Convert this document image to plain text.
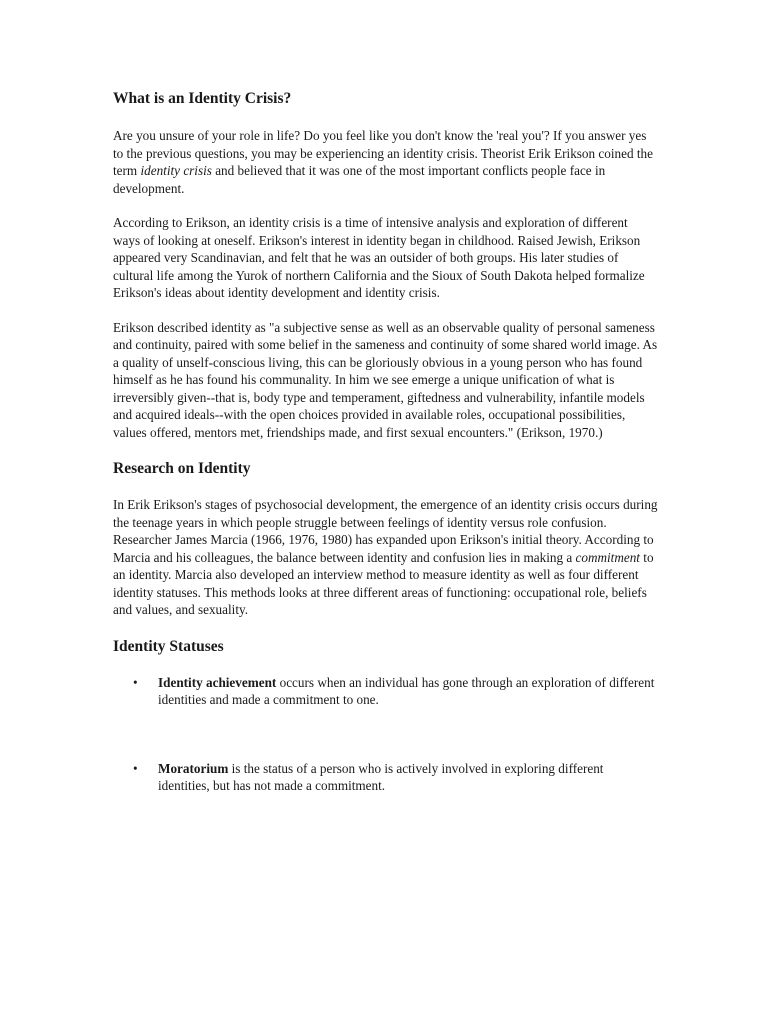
What is an Identity Crisis?

Are you unsure of your role in life? Do you feel like you don't know the 'real you'? If you answer yes to the previous questions, you may be experiencing an identity crisis. Theorist Erik Erikson coined the term identity crisis and believed that it was one of the most important conflicts people face in development.

According to Erikson, an identity crisis is a time of intensive analysis and exploration of different ways of looking at oneself. Erikson's interest in identity began in childhood. Raised Jewish, Erikson appeared very Scandinavian, and felt that he was an outsider of both groups. His later studies of cultural life among the Yurok of northern California and the Sioux of South Dakota helped formalize Erikson's ideas about identity development and identity crisis.

Erikson described identity as "a subjective sense as well as an observable quality of personal sameness and continuity, paired with some belief in the sameness and continuity of some shared world image. As a quality of unself-conscious living, this can be gloriously obvious in a young person who has found himself as he has found his communality. In him we see emerge a unique unification of what is irreversibly given--that is, body type and temperament, giftedness and vulnerability, infantile models and acquired ideals--with the open choices provided in available roles, occupational possibilities, values offered, mentors met, friendships made, and first sexual encounters." (Erikson, 1970.)

Research on Identity

In Erik Erikson's stages of psychosocial development, the emergence of an identity crisis occurs during the teenage years in which people struggle between feelings of identity versus role confusion. Researcher James Marcia (1966, 1976, 1980) has expanded upon Erikson's initial theory. According to Marcia and his colleagues, the balance between identity and confusion lies in making a commitment to an identity. Marcia also developed an interview method to measure identity as well as four different identity statuses. This methods looks at three different areas of functioning: occupational role, beliefs and values, and sexuality.

Identity Statuses
• Identity achievement occurs when an individual has gone through an exploration of different identities and made a commitment to one.
• Moratorium is the status of a person who is actively involved in exploring different identities, but has not made a commitment.
